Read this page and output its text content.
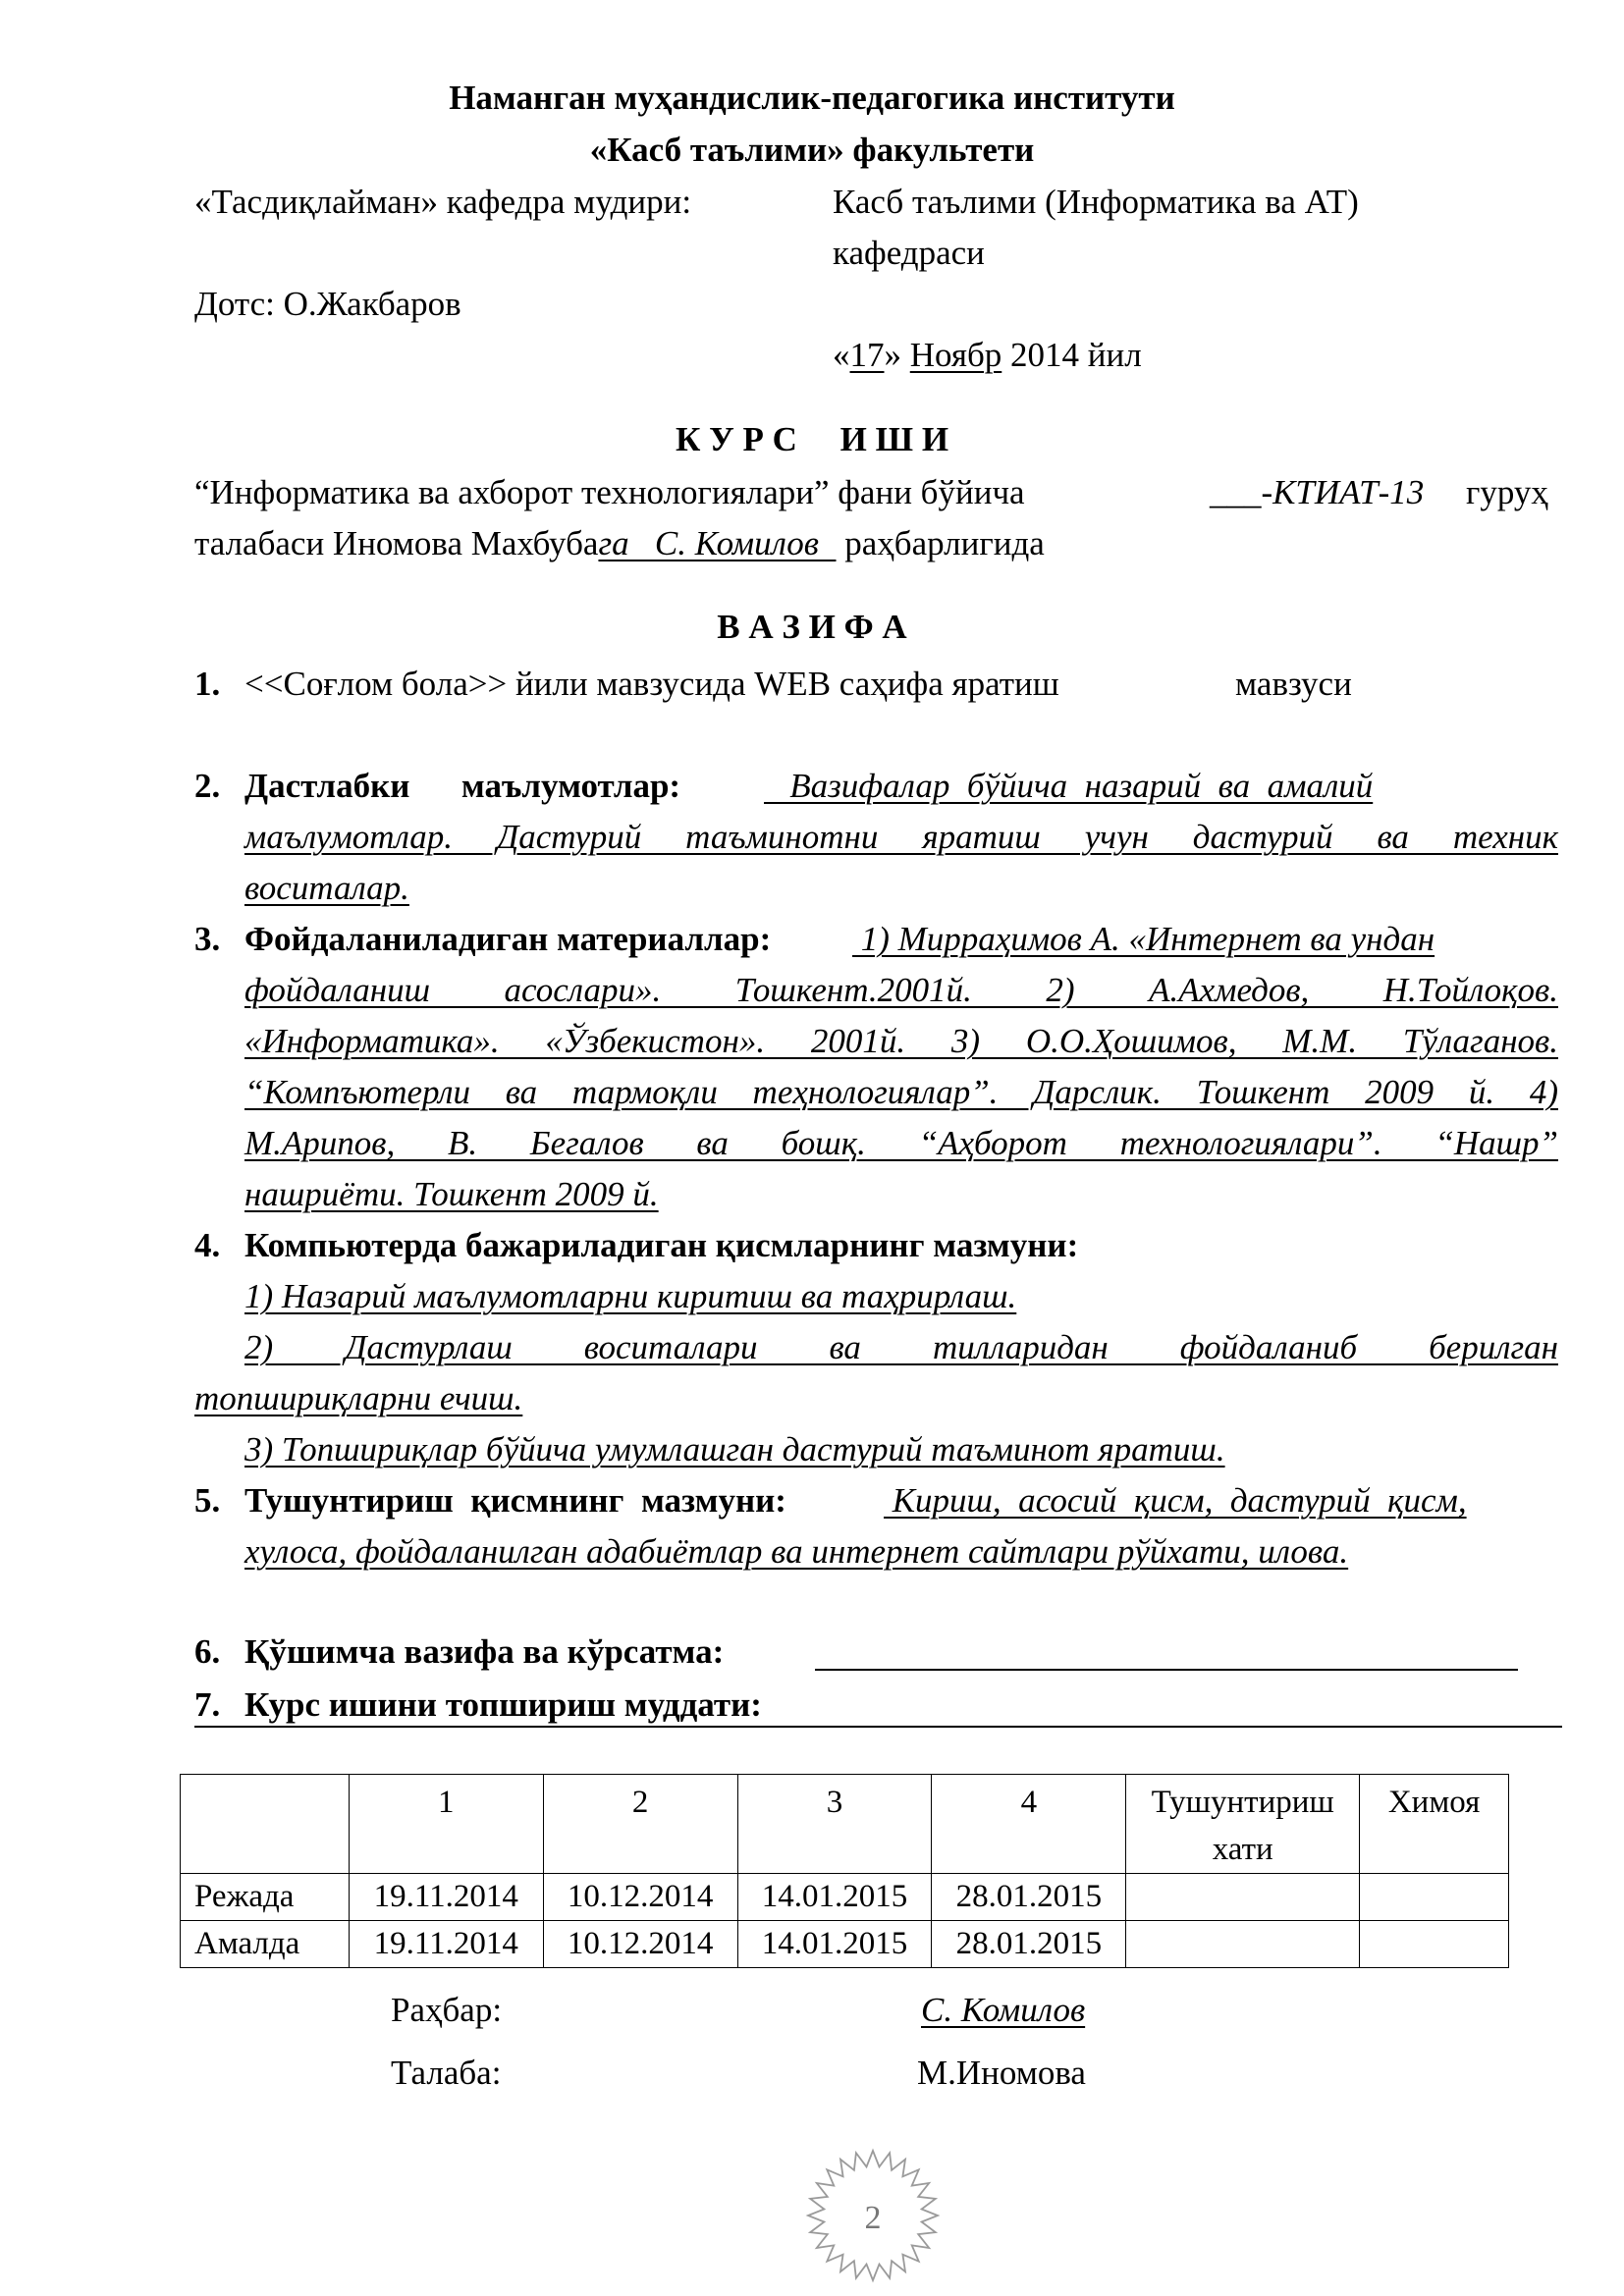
Наманган муҳандислик-педагогика институти
«Касб таълими» факультети
«Тасдиқлайман» кафедра мудири:	Касб таълими (Информатика ва АТ)
кафедраси
Дотс: О.Жакбаров
«17» Ноябр 2014 йил
К У Р С     И Ш И
“Информатика ва ахборот технологиялари” фани бўйича	___-КТИАТ-13 гуруҳ
талабаси Иномова Махбубага   С. Комилов   раҳбарлигида
В А З И Ф А
1. <<Соғлом бола>> йили мавзусида WEB саҳифа яратиш	мавзуси
2. Дастлабки      маълумотлар: Вазифалар  бўйича  назарий  ва  амалий
маълумотлар. Дастурий таъминотни яратиш учун дастурий ва техник
воситалар.
3. Фойдаланиладиган материаллар: 1) Мирраҳимов А. «Интернет ва ундан
фойдаланиш асослари». Тошкент.2001й. 2) А.Ахмедов, Н.Тойлоқов.
«Информатика». «Ўзбекистон». 2001й. 3) О.О.Ҳошимов, М.М. Тўлаганов.
“Компъютерли ва тармоқли теҳнологиялар”. Дарслик. Тошкент 2009 й. 4)
М.Арипов, В. Бегалов ва бошқ. “Аҳборот технологиялари”. “Нашр”
нашриёти. Тошкент 2009 й.
4. Компьютерда бажариладиган қисмларнинг мазмуни:
1) Назарий маълумотларни киритиш ва таҳрирлаш.
2) Дастурлаш воситалари ва тилларидан фойдаланиб берилган
топшириқларни ечиш.
3) Топшириқлар бўйича умумлашган дастурий таъминот яратиш.
5. Тушунтириш  қисмнинг  мазмуни:	Кириш,  асосий  қисм,  дастурий  қисм,
хулоса, фойдаланилган адабиётлар ва интернет сайтлари рўйхати, илова.
6. Қўшимча вазифа ва кўрсатма:
7. Курс ишини топшириш муддати:
	1	2	3	4	Тушунтириш хати	Химоя
Режада	19.11.2014	10.12.2014	14.01.2015	28.01.2015		
Амалда	19.11.2014	10.12.2014	14.01.2015	28.01.2015		
Раҳбар:	С. Комилов
Талаба:	М.Иномова
2
